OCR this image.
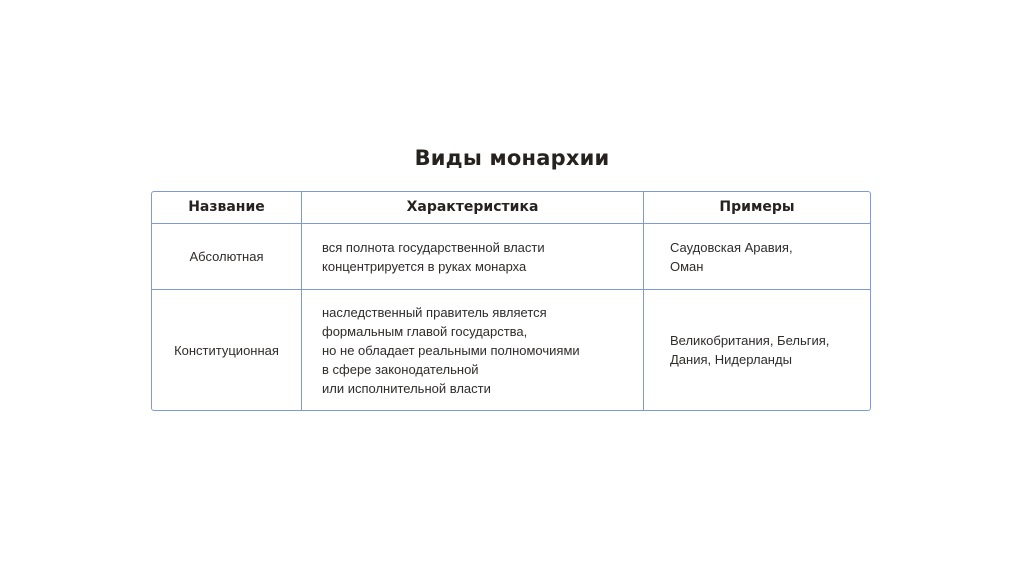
Виды монархии
Название	Характеристика	Примеры
Абсолютная
вся полнота государственной власти
концентрируется в руках монарха
Саудовская Аравия,
Оман
Конституционная
наследственный правитель является
формальным главой государства,
но не обладает реальными полномочиями
в сфере законодательной
или исполнительной власти
Великобритания, Бельгия,
Дания, Нидерланды
